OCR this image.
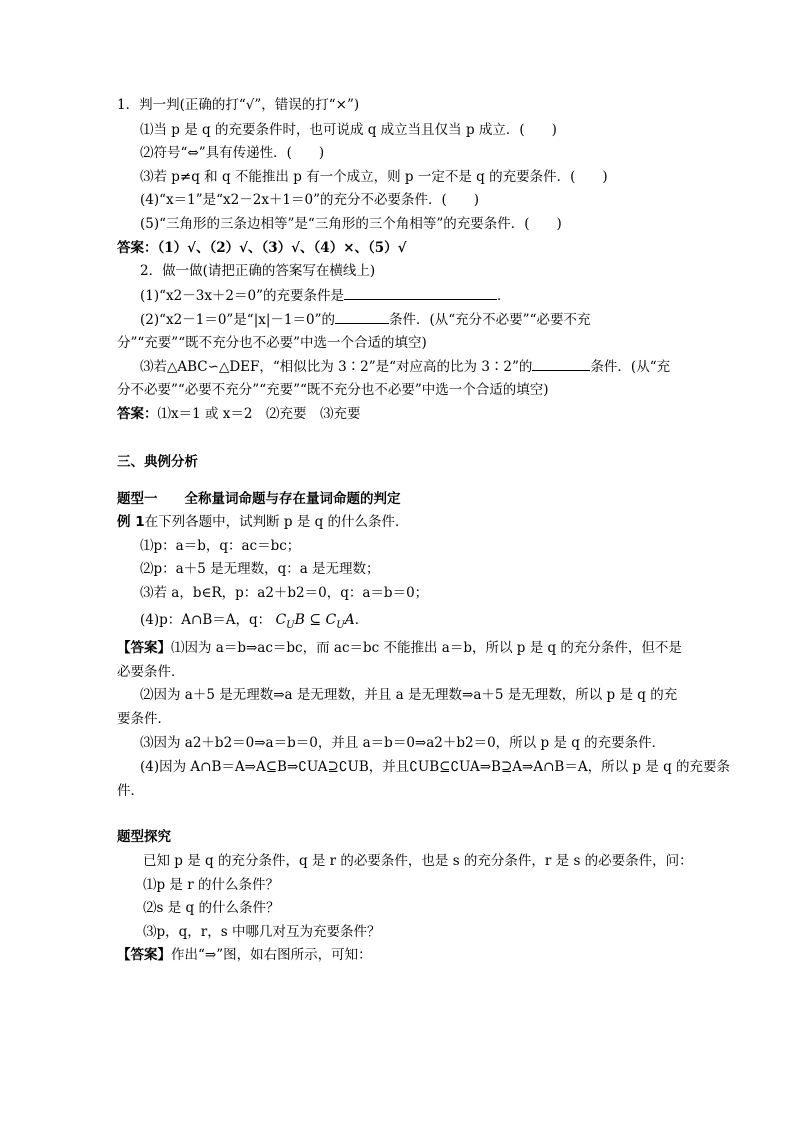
1．判一判(正确的打“√”，错误的打“×”)
⑴当 p 是 q 的充要条件时，也可说成 q 成立当且仅当 p 成立．(　　)
⑵符号“⇔”具有传递性．(　　)
⑶若 p≠q 和 q 不能推出 p 有一个成立，则 p 一定不是 q 的充要条件．(　　)
(4)“x＝1”是“x2－2x＋1＝0”的充分不必要条件．(　　)
(5)“三角形的三条边相等”是“三角形的三个角相等”的充要条件．(　　)
答案：（1）√、（2）√、（3）√、（4）×、（5）√
2．做一做(请把正确的答案写在横线上)
(1)“x2－3x＋2＝0”的充要条件是	．
(2)“x2－1＝0”是“|x|－1＝0”的	条件．(从“充分不必要”“必要不充
分”“充要”“既不充分也不必要”中选一个合适的填空)
⑶若△ABC∽△DEF，“相似比为 3∶2”是“对应高的比为 3∶2”的	条件．(从“充
分不必要”“必要不充分”“充要”“既不充分也不必要”中选一个合适的填空)
答案：⑴x＝1 或 x＝2　⑵充要　⑶充要
三、典例分析
题型一　　全称量词命题与存在量词命题的判定
例 1在下列各题中，试判断 p 是 q 的什么条件．
⑴p：a＝b，q：ac＝bc；
⑵p：a＋5 是无理数，q：a 是无理数；
⑶若 a，b∈R，p：a2＋b2＝0，q：a＝b＝0；
(4)p：A∩B＝A，q： $C_UB$ ⊆ $C_UA$．
【答案】⑴因为 a＝b⇒ac＝bc，而 ac＝bc 不能推出 a＝b，所以 p 是 q 的充分条件，但不是
必要条件．
⑵因为 a＋5 是无理数⇒a 是无理数，并且 a 是无理数⇒a＋5 是无理数，所以 p 是 q 的充
要条件．
⑶因为 a2＋b2＝0⇒a＝b＝0，并且 a＝b＝0⇒a2＋b2＝0，所以 p 是 q 的充要条件．
(4)因为 A∩B＝A⇒A⊆B⇒∁UA⊇∁UB，并且∁UB⊆∁UA⇒B⊇A⇒A∩B＝A，所以 p 是 q 的充要条
件．
题型探究
已知 p 是 q 的充分条件，q 是 r 的必要条件，也是 s 的充分条件，r 是 s 的必要条件，问：
⑴p 是 r 的什么条件？
⑵s 是 q 的什么条件？
⑶p，q，r，s 中哪几对互为充要条件？
【答案】作出“⇒”图，如右图所示，可知：
